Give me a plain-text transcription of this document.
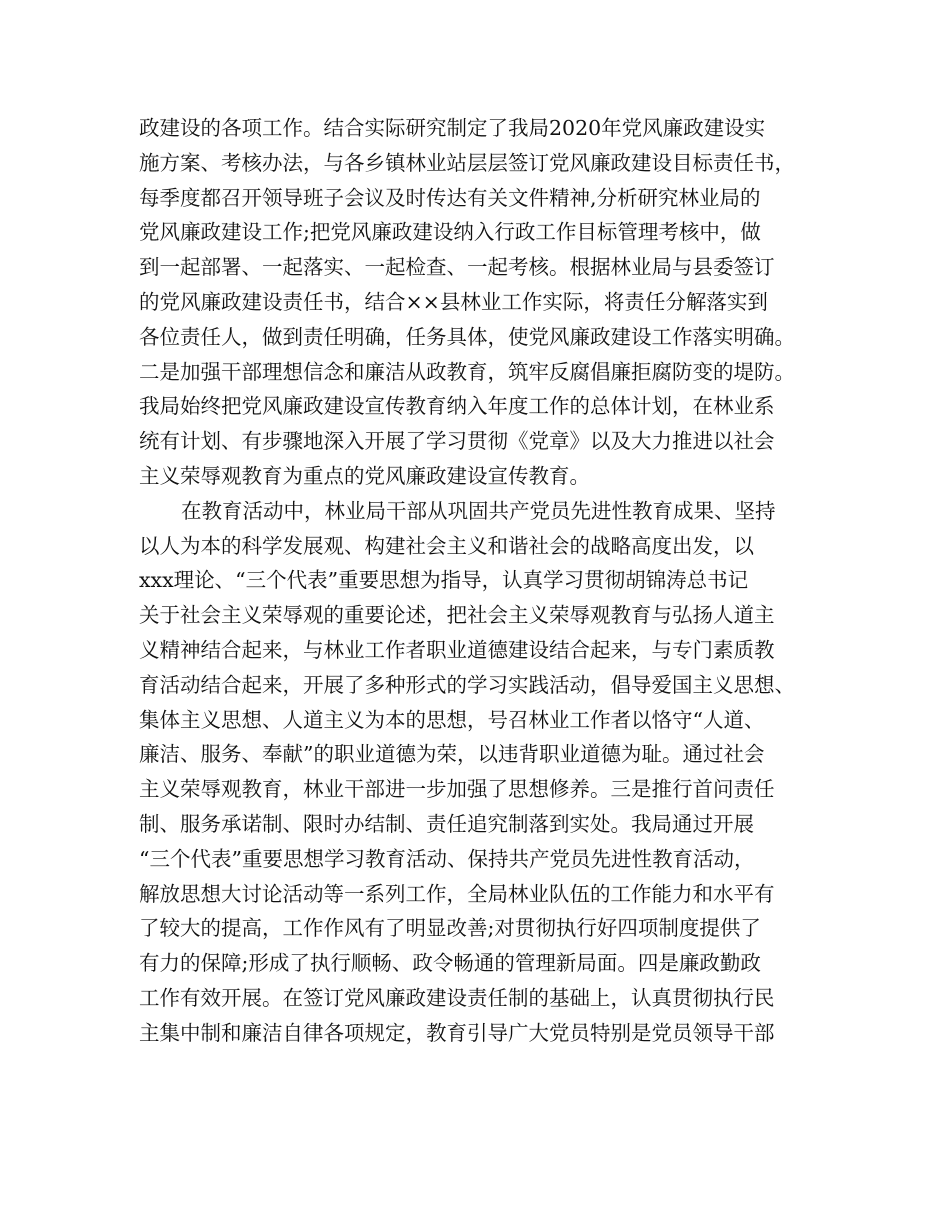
政建设的各项工作。结合实际研究制定了我局2020年党风廉政建设实
施方案、考核办法，与各乡镇林业站层层签订党风廉政建设目标责任书，
每季度都召开领导班子会议及时传达有关文件精神,分析研究林业局的
党风廉政建设工作;把党风廉政建设纳入行政工作目标管理考核中，做
到一起部署、一起落实、一起检查、一起考核。根据林业局与县委签订
的党风廉政建设责任书，结合××县林业工作实际，将责任分解落实到
各位责任人，做到责任明确，任务具体，使党风廉政建设工作落实明确。
二是加强干部理想信念和廉洁从政教育，筑牢反腐倡廉拒腐防变的堤防。
我局始终把党风廉政建设宣传教育纳入年度工作的总体计划，在林业系
统有计划、有步骤地深入开展了学习贯彻《党章》以及大力推进以社会
主义荣辱观教育为重点的党风廉政建设宣传教育。
在教育活动中，林业局干部从巩固共产党员先进性教育成果、坚持
以人为本的科学发展观、构建社会主义和谐社会的战略高度出发，以
xxx理论、“三个代表”重要思想为指导，认真学习贯彻胡锦涛总书记
关于社会主义荣辱观的重要论述，把社会主义荣辱观教育与弘扬人道主
义精神结合起来，与林业工作者职业道德建设结合起来，与专门素质教
育活动结合起来，开展了多种形式的学习实践活动，倡导爱国主义思想、
集体主义思想、人道主义为本的思想，号召林业工作者以恪守“人道、
廉洁、服务、奉献”的职业道德为荣，以违背职业道德为耻。通过社会
主义荣辱观教育，林业干部进一步加强了思想修养。三是推行首问责任
制、服务承诺制、限时办结制、责任追究制落到实处。我局通过开展
“三个代表”重要思想学习教育活动、保持共产党员先进性教育活动，
解放思想大讨论活动等一系列工作，全局林业队伍的工作能力和水平有
了较大的提高，工作作风有了明显改善;对贯彻执行好四项制度提供了
有力的保障;形成了执行顺畅、政令畅通的管理新局面。四是廉政勤政
工作有效开展。在签订党风廉政建设责任制的基础上，认真贯彻执行民
主集中制和廉洁自律各项规定，教育引导广大党员特别是党员领导干部
